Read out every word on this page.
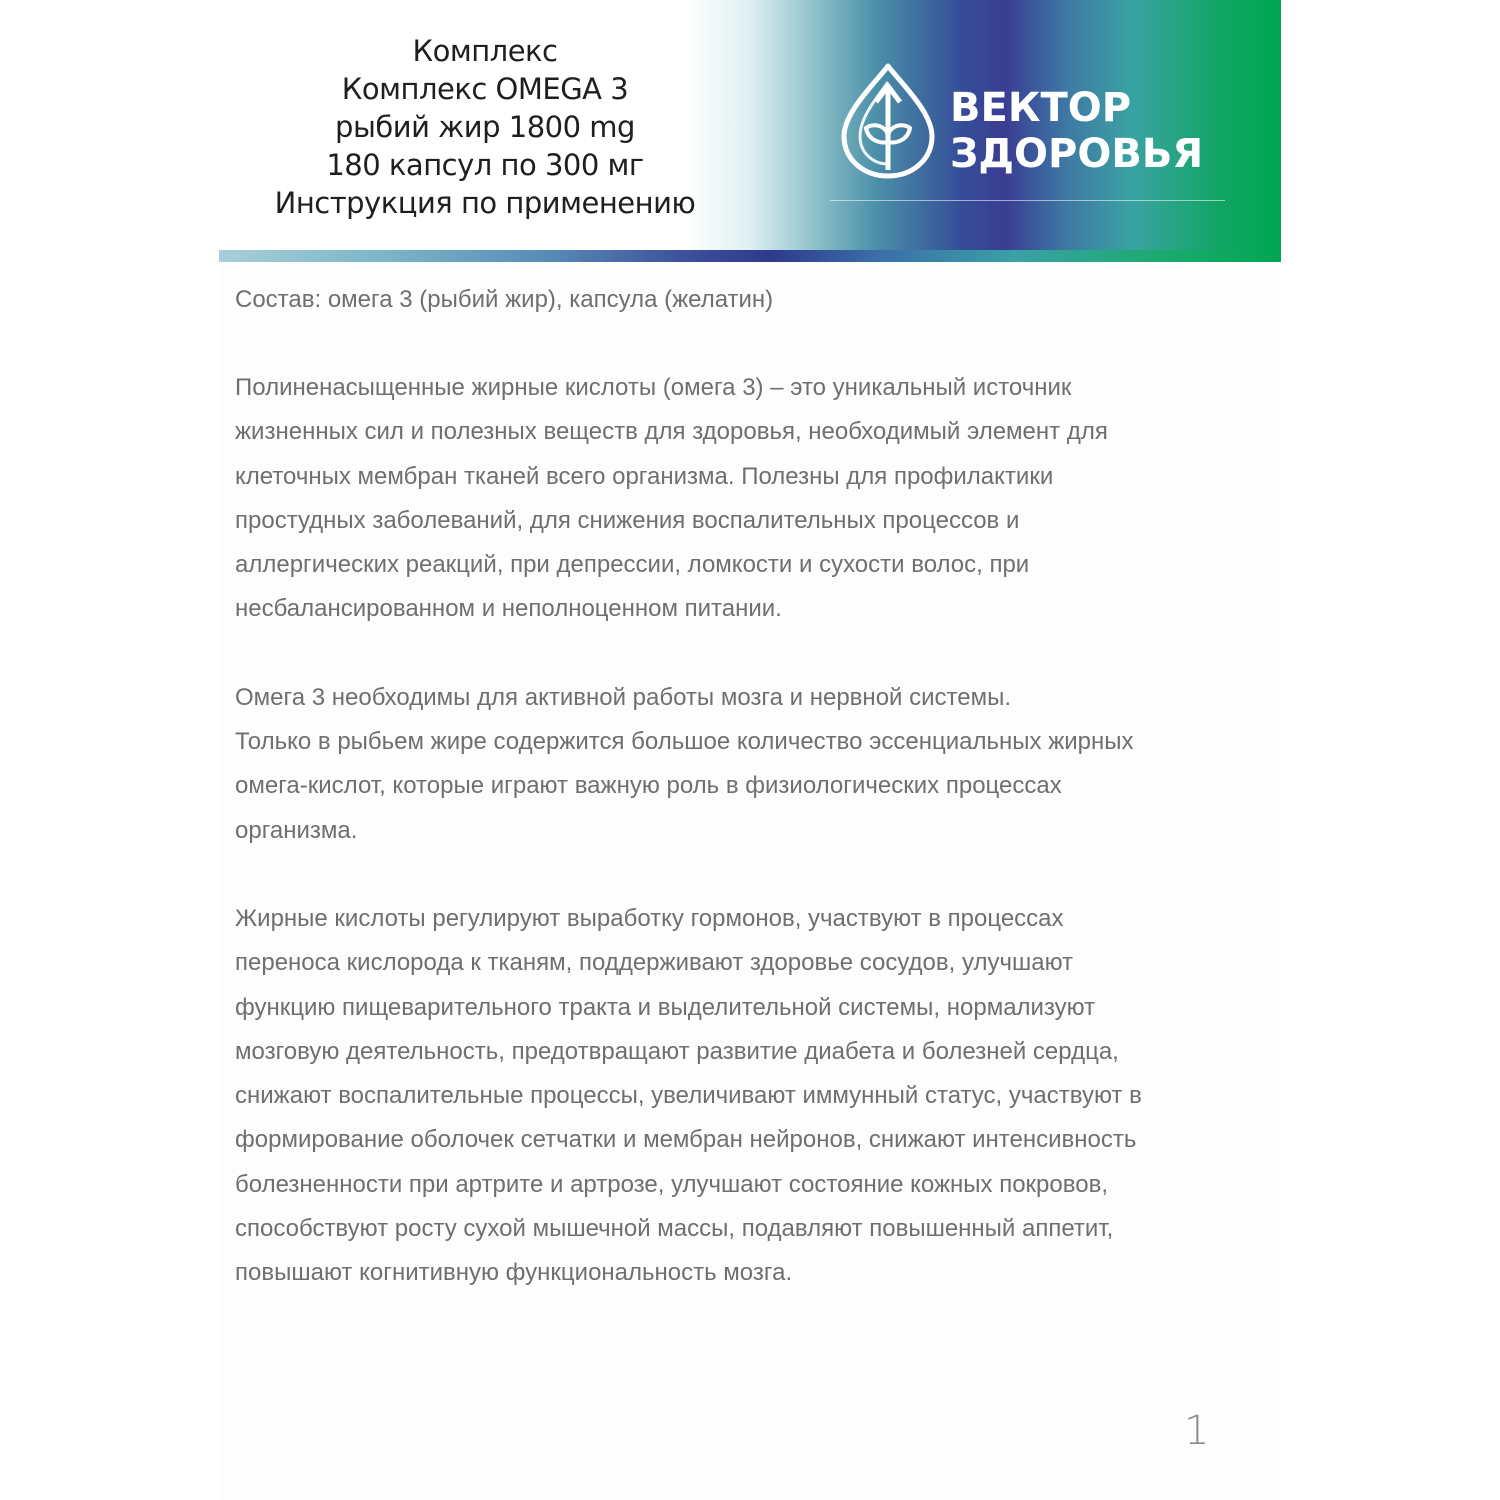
Комплекс
Комплекс OMEGA 3
рыбий жир 1800 mg
180 капсул по 300 мг
Инструкция по применению
ВЕКТОР
ЗДОРОВЬЯ
Состав: омега 3 (рыбий жир), капсула (желатин)
Полиненасыщенные жирные кислоты (омега 3) – это уникальный источник
жизненных сил и полезных веществ для здоровья, необходимый элемент для
клеточных мембран тканей всего организма. Полезны для профилактики
простудных заболеваний, для снижения воспалительных процессов и
аллергических реакций, при депрессии, ломкости и сухости волос, при
несбалансированном и неполноценном питании.
Омега 3 необходимы для активной работы мозга и нервной системы.
Только в рыбьем жире содержится большое количество эссенциальных жирных
омега-кислот, которые играют важную роль в физиологических процессах
организма.
Жирные кислоты регулируют выработку гормонов, участвуют в процессах
переноса кислорода к тканям, поддерживают здоровье сосудов, улучшают
функцию пищеварительного тракта и выделительной системы, нормализуют
мозговую деятельность, предотвращают развитие диабета и болезней сердца,
снижают воспалительные процессы, увеличивают иммунный статус, участвуют в
формирование оболочек сетчатки и мембран нейронов, снижают интенсивность
болезненности при артрите и артрозе, улучшают состояние кожных покровов,
способствуют росту сухой мышечной массы, подавляют повышенный аппетит,
повышают когнитивную функциональность мозга.
1
